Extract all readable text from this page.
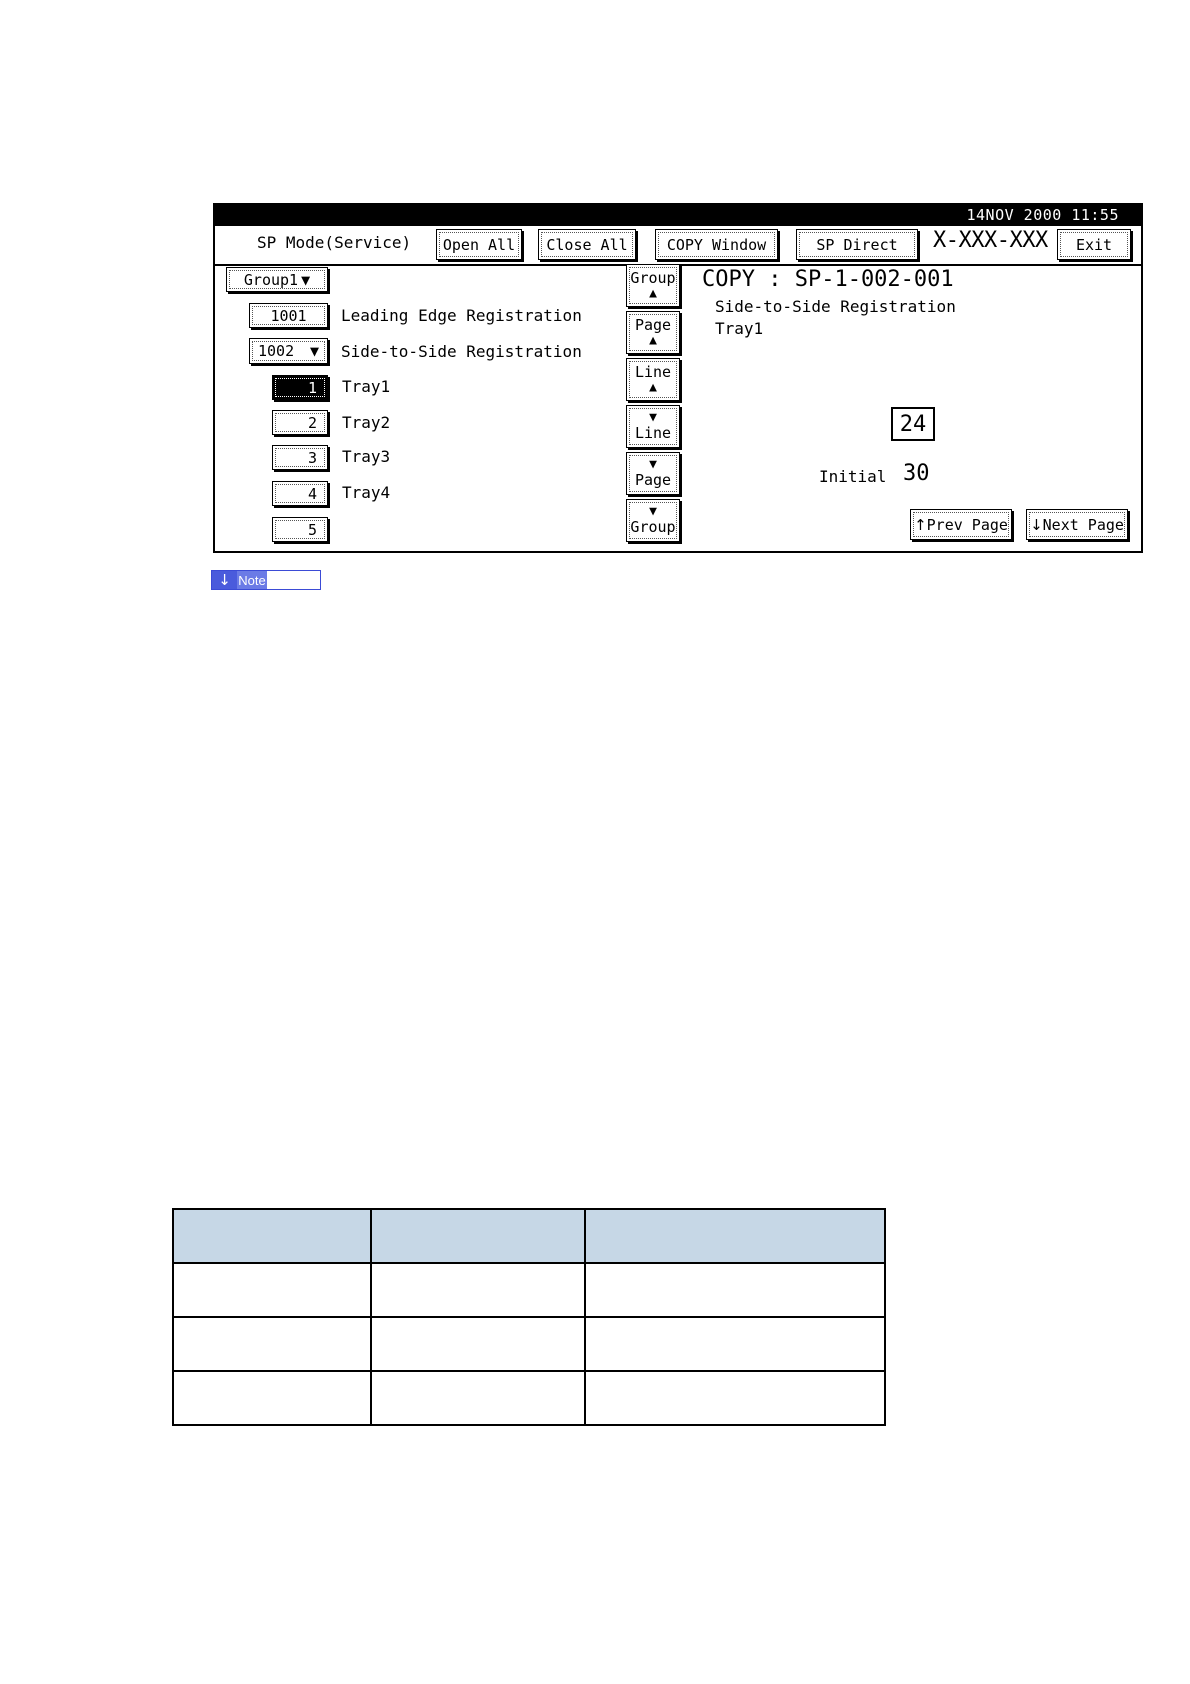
14NOV 2000 11:55
SP Mode(Service)	Open All	Close All	COPY Window	SP Direct	X-XXX-XXX	Exit
Group1 ▼
1001	Leading Edge Registration
1002 ▼ Side-to-Side Registration
1	Tray1
2	Tray2
3	Tray3
4	Tray4
5
Group
▲
Page
▲
Line
▲
▼
Line
▼
Page
▼
Group
COPY : SP-1-002-001
Side-to-Side Registration
Tray1
24
Initial 30
↑ Prev Page ↓ Next Page
↓ Note
